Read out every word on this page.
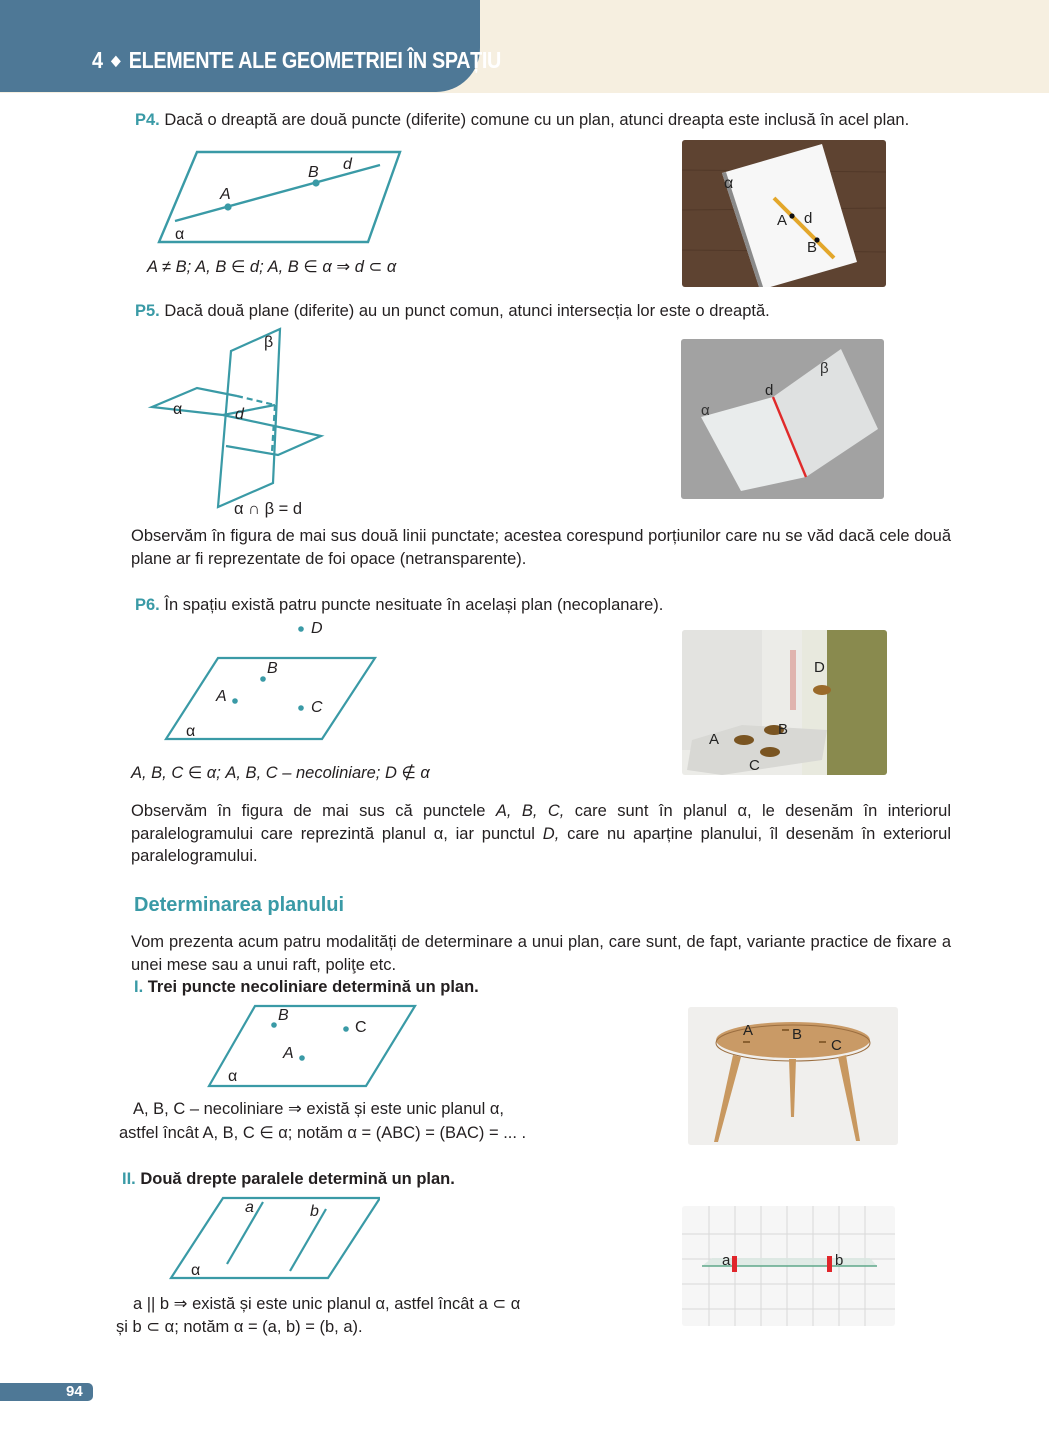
4 ◆ ELEMENTE ALE GEOMETRIEI ÎN SPAȚIU
P4. Dacă o dreaptă are două puncte (diferite) comune cu un plan, atunci dreapta este inclusă în acel plan.
A
B d
α
A ≠ B; A, B ∈ d; A, B ∈ α ⇒ d ⊂ α
α
A d
B
P5. Dacă două plane (diferite) au un punct comun, atunci intersecția lor este o dreaptă.
α
β
d
α ∩ β = d
α
β
d
Observăm în figura de mai sus două linii punctate; acestea corespund porțiunilor care nu se văd dacă cele două plane ar fi reprezentate de foi opace (netransparente).
P6. În spațiu există patru puncte nesituate în același plan (necoplanare).
D
B
A
C
α
A, B, C ∈ α; A, B, C – necoliniare; D ∉ α
D
B
A
C
Observăm în figura de mai sus că punctele A, B, C, care sunt în planul α, le desenăm în interiorul paralelogramului care reprezintă planul α, iar punctul D, care nu aparține planului, îl desenăm în exteriorul paralelogramului.
Determinarea planului
Vom prezenta acum patru modalități de determinare a unui plan, care sunt, de fapt, variante practice de fixare a unei mese sau a unui raft, poliţe etc.
I. Trei puncte necoliniare determină un plan.
B
C
A
α
A, B, C – necoliniare ⇒ există și este unic planul α,
astfel încât A, B, C ∈ α; notăm α = (ABC) = (BAC) = ... .
A	B
C
II. Două drepte paralele determină un plan.
a	b
α
a || b ⇒ există și este unic planul α, astfel încât a ⊂ α
și b ⊂ α; notăm α = (a, b) = (b, a).
a	b
94
